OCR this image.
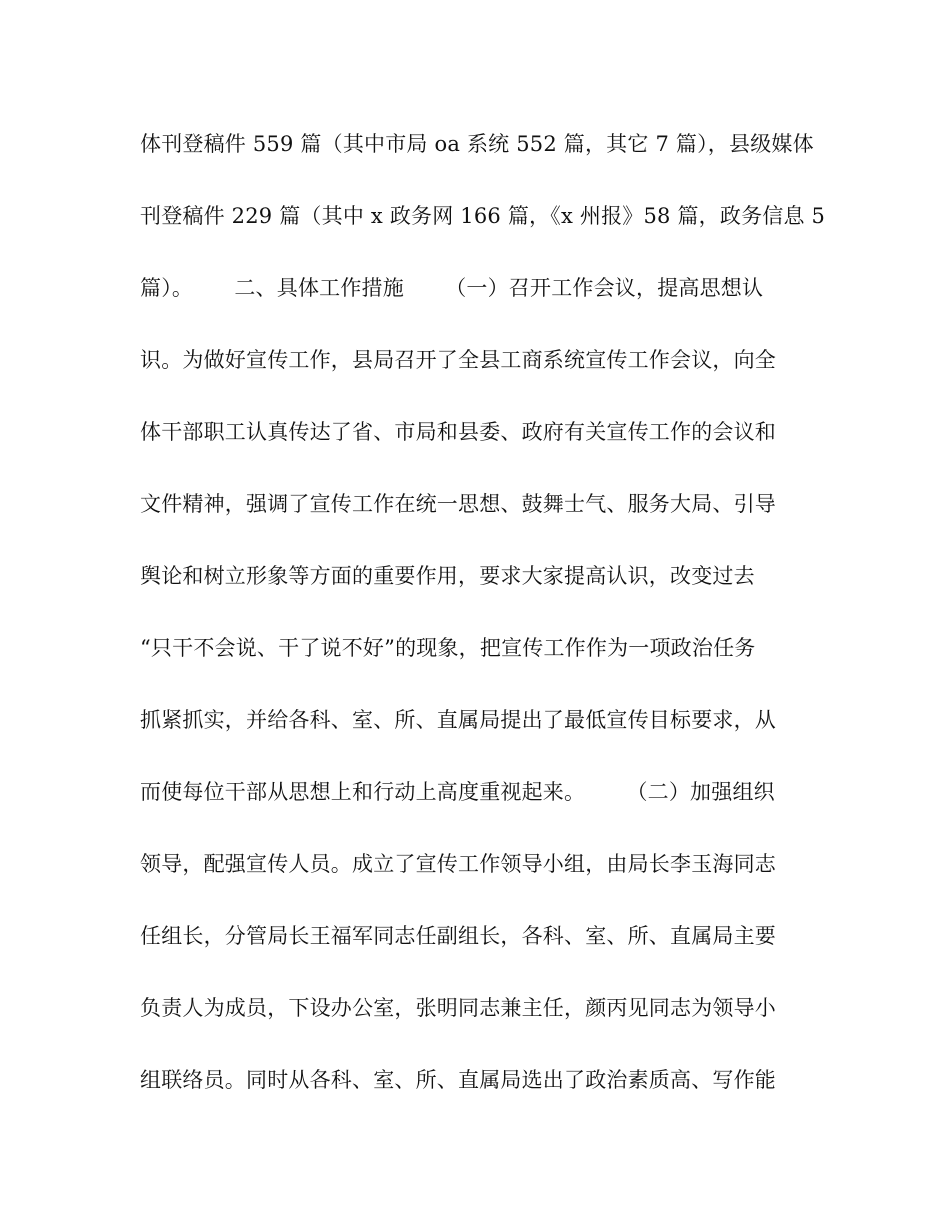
体刊登稿件 559 篇（其中市局 oa 系统 552 篇，其它 7 篇），县级媒体
刊登稿件 229 篇（其中 x 政务网 166 篇，《x 州报》58 篇，政务信息 5
篇）。      二、具体工作措施      （一）召开工作会议，提高思想认
识。为做好宣传工作，县局召开了全县工商系统宣传工作会议，向全
体干部职工认真传达了省、市局和县委、政府有关宣传工作的会议和
文件精神，强调了宣传工作在统一思想、鼓舞士气、服务大局、引导
舆论和树立形象等方面的重要作用，要求大家提高认识，改变过去
“只干不会说、干了说不好”的现象，把宣传工作作为一项政治任务
抓紧抓实，并给各科、室、所、直属局提出了最低宣传目标要求，从
而使每位干部从思想上和行动上高度重视起来。      （二）加强组织
领导，配强宣传人员。成立了宣传工作领导小组，由局长李玉海同志
任组长，分管局长王福军同志任副组长，各科、室、所、直属局主要
负责人为成员，下设办公室，张明同志兼主任，颜丙见同志为领导小
组联络员。同时从各科、室、所、直属局选出了政治素质高、写作能
